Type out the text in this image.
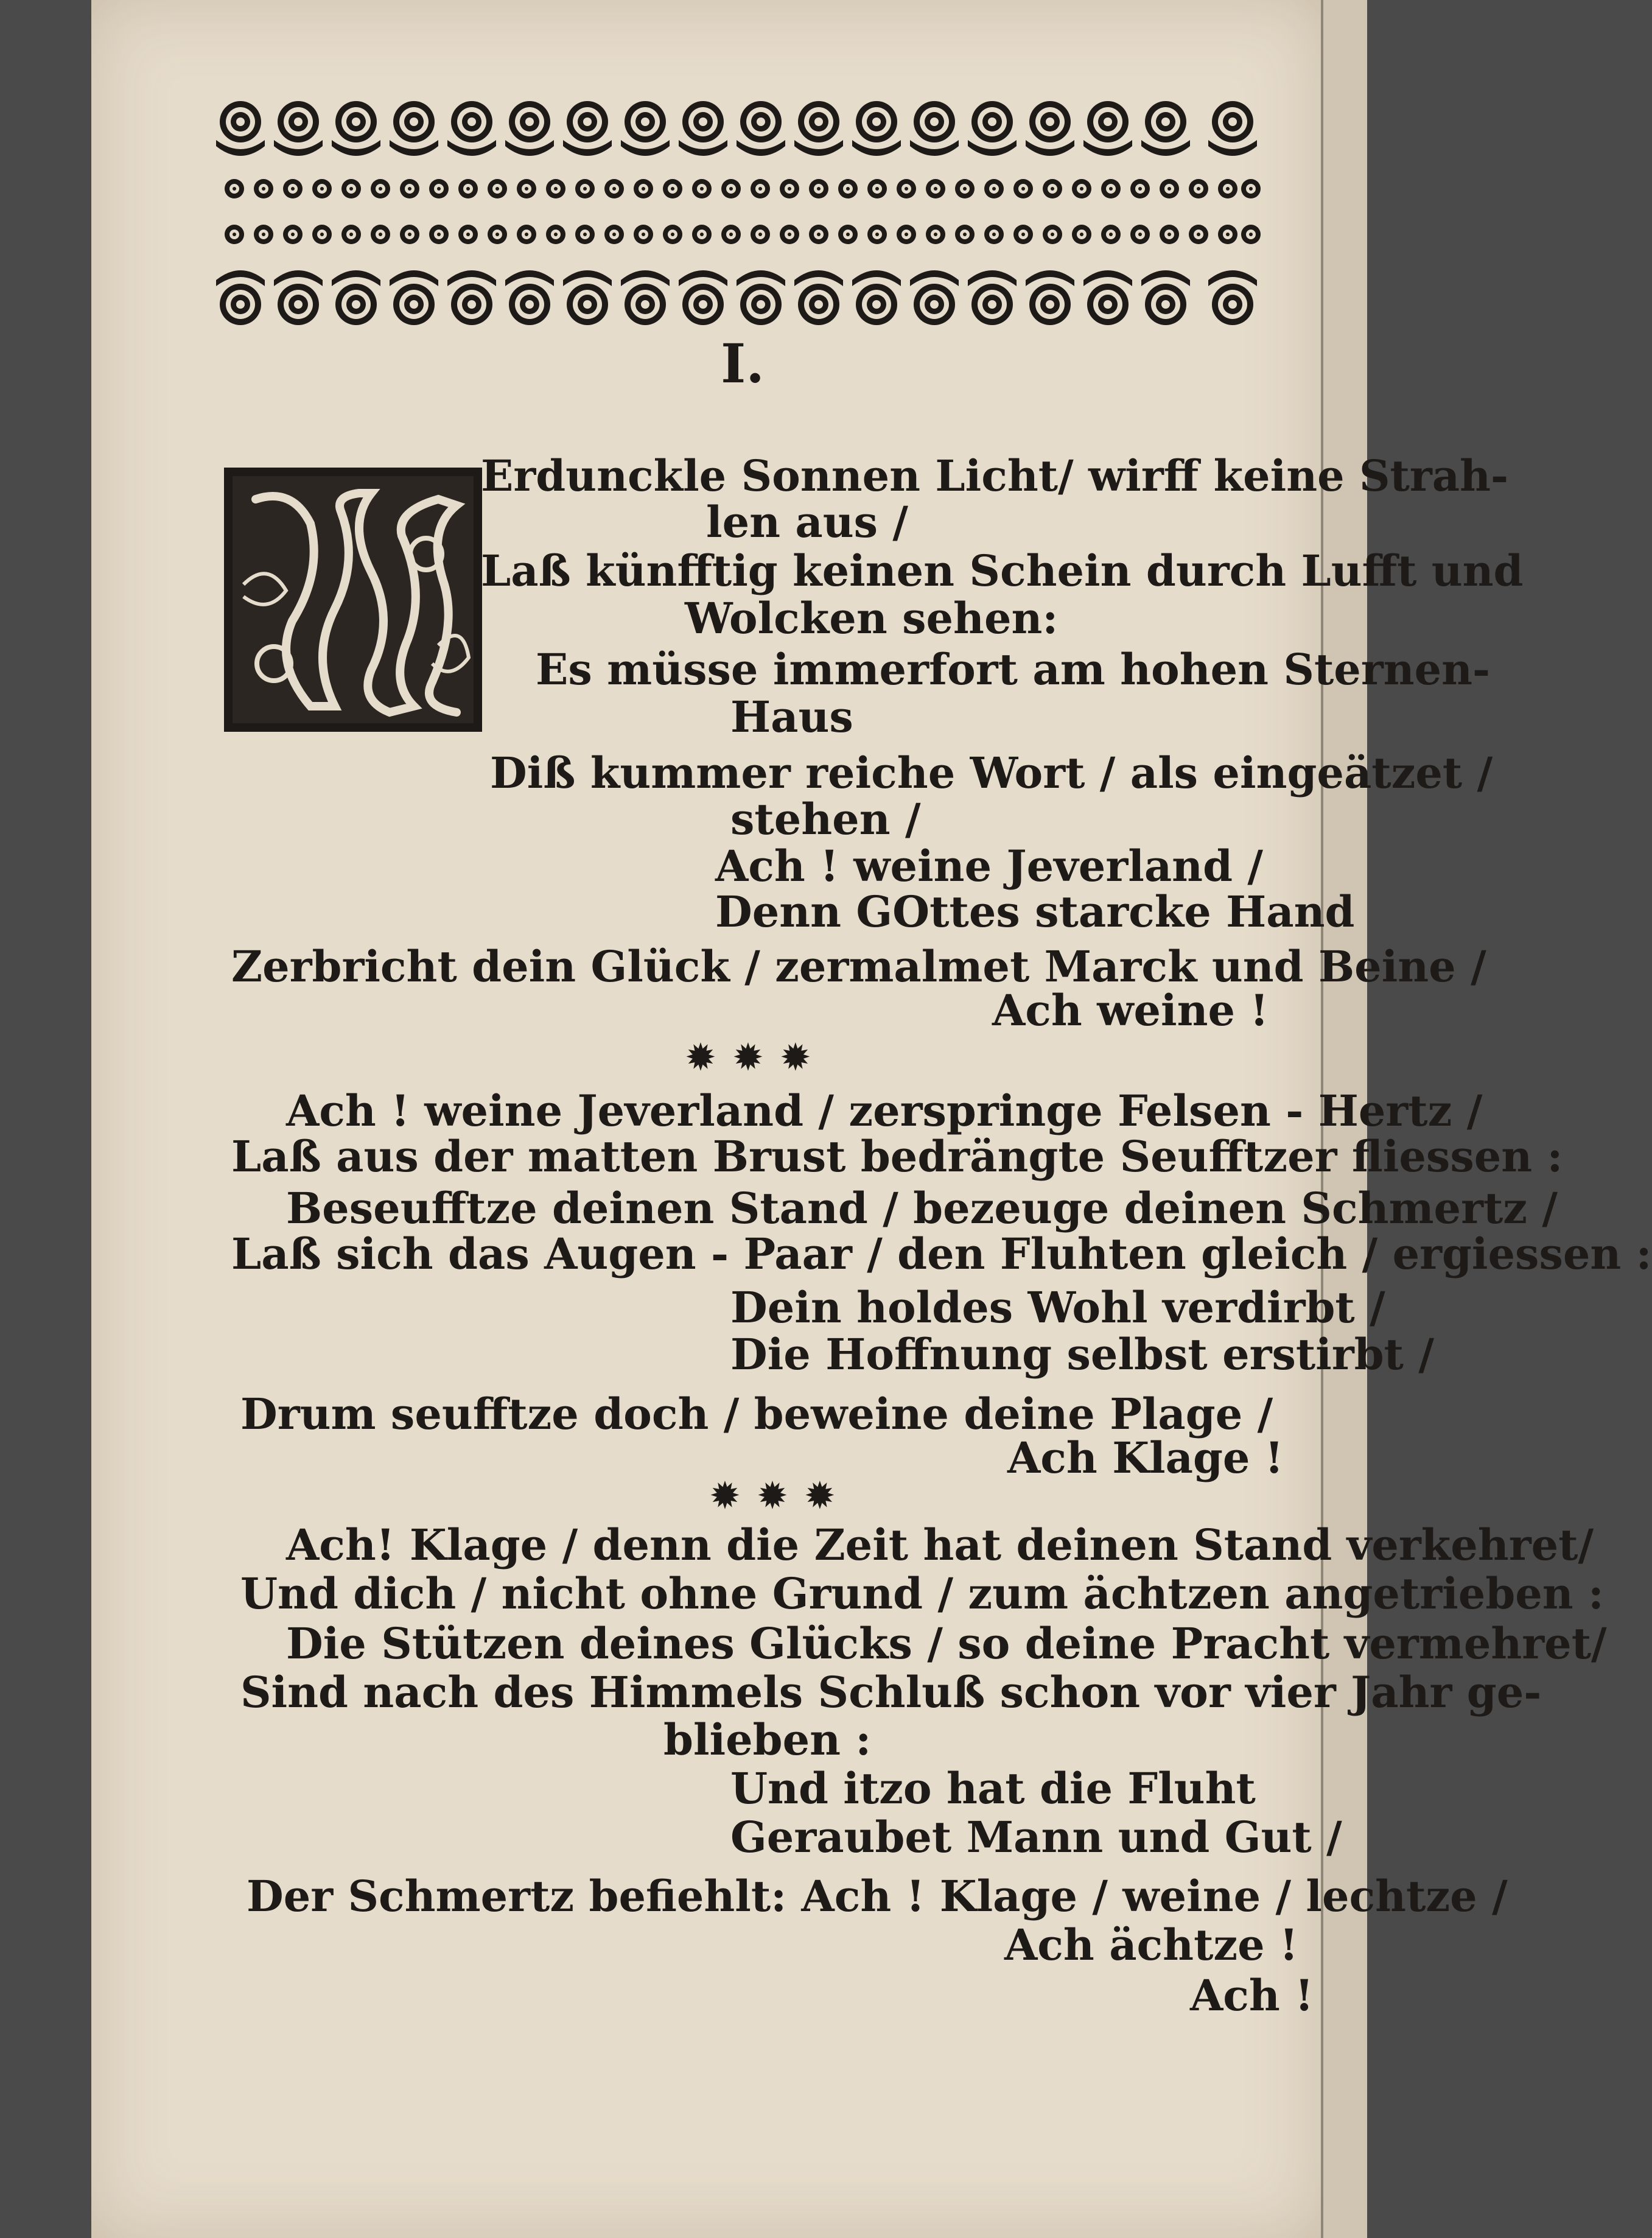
I.
Erdunckle Sonnen Licht/ wirff keine Strah-
len aus /
Laß künfftig keinen Schein durch Lufft und
Wolcken sehen:
Es müsse immerfort am hohen Sternen-
Haus
Diß kummer reiche Wort / als eingeätzet /
stehen /
Ach ! weine Jeverland /
Denn GOttes starcke Hand
Zerbricht dein Glück / zermalmet Marck und Beine /
Ach weine !
✹✹✹
Ach ! weine Jeverland / zerspringe Felsen - Hertz /
Laß aus der matten Brust bedrängte Seufftzer fliessen :
Beseufftze deinen Stand / bezeuge deinen Schmertz /
Laß sich das Augen - Paar / den Fluhten gleich / ergiessen :
Dein holdes Wohl verdirbt /
Die Hoffnung selbst erstirbt /
Drum seufftze doch / beweine deine Plage /
Ach Klage !
✹✹✹
Ach! Klage / denn die Zeit hat deinen Stand verkehret/
Und dich / nicht ohne Grund / zum ächtzen angetrieben :
Die Stützen deines Glücks / so deine Pracht vermehret/
Sind nach des Himmels Schluß schon vor vier Jahr ge-
blieben :
Und itzo hat die Fluht
Geraubet Mann und Gut /
Der Schmertz befiehlt: Ach ! Klage / weine / lechtze /
Ach ächtze !
Ach !
